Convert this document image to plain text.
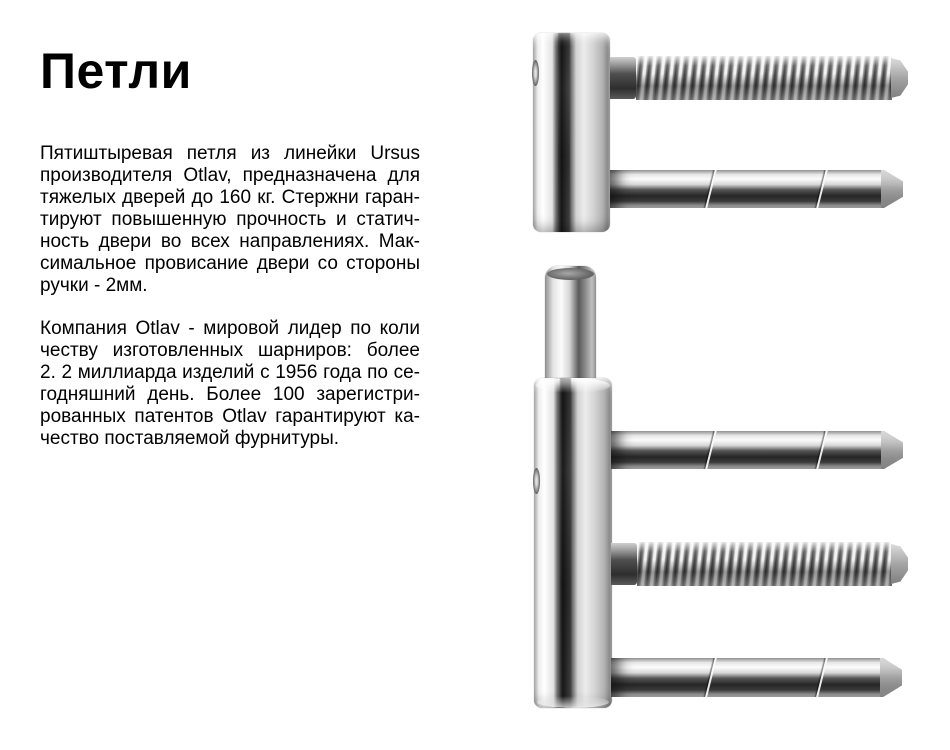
Петли
Пятиштыревая петля из линейки Ursus
производителя Otlav, предназначена для
тяжелых дверей до 160 кг. Стержни гаран-
тируют повышенную прочность и статич-
ность двери во всех направлениях. Мак-
симальное провисание двери со стороны
ручки - 2мм.
Компания Otlav - мировой лидер по коли
честву изготовленных шарниров: более
2. 2 миллиарда изделий с 1956 года по се-
годняшний день. Более 100 зарегистри-
рованных патентов Otlav гарантируют ка-
чество поставляемой фурнитуры.
